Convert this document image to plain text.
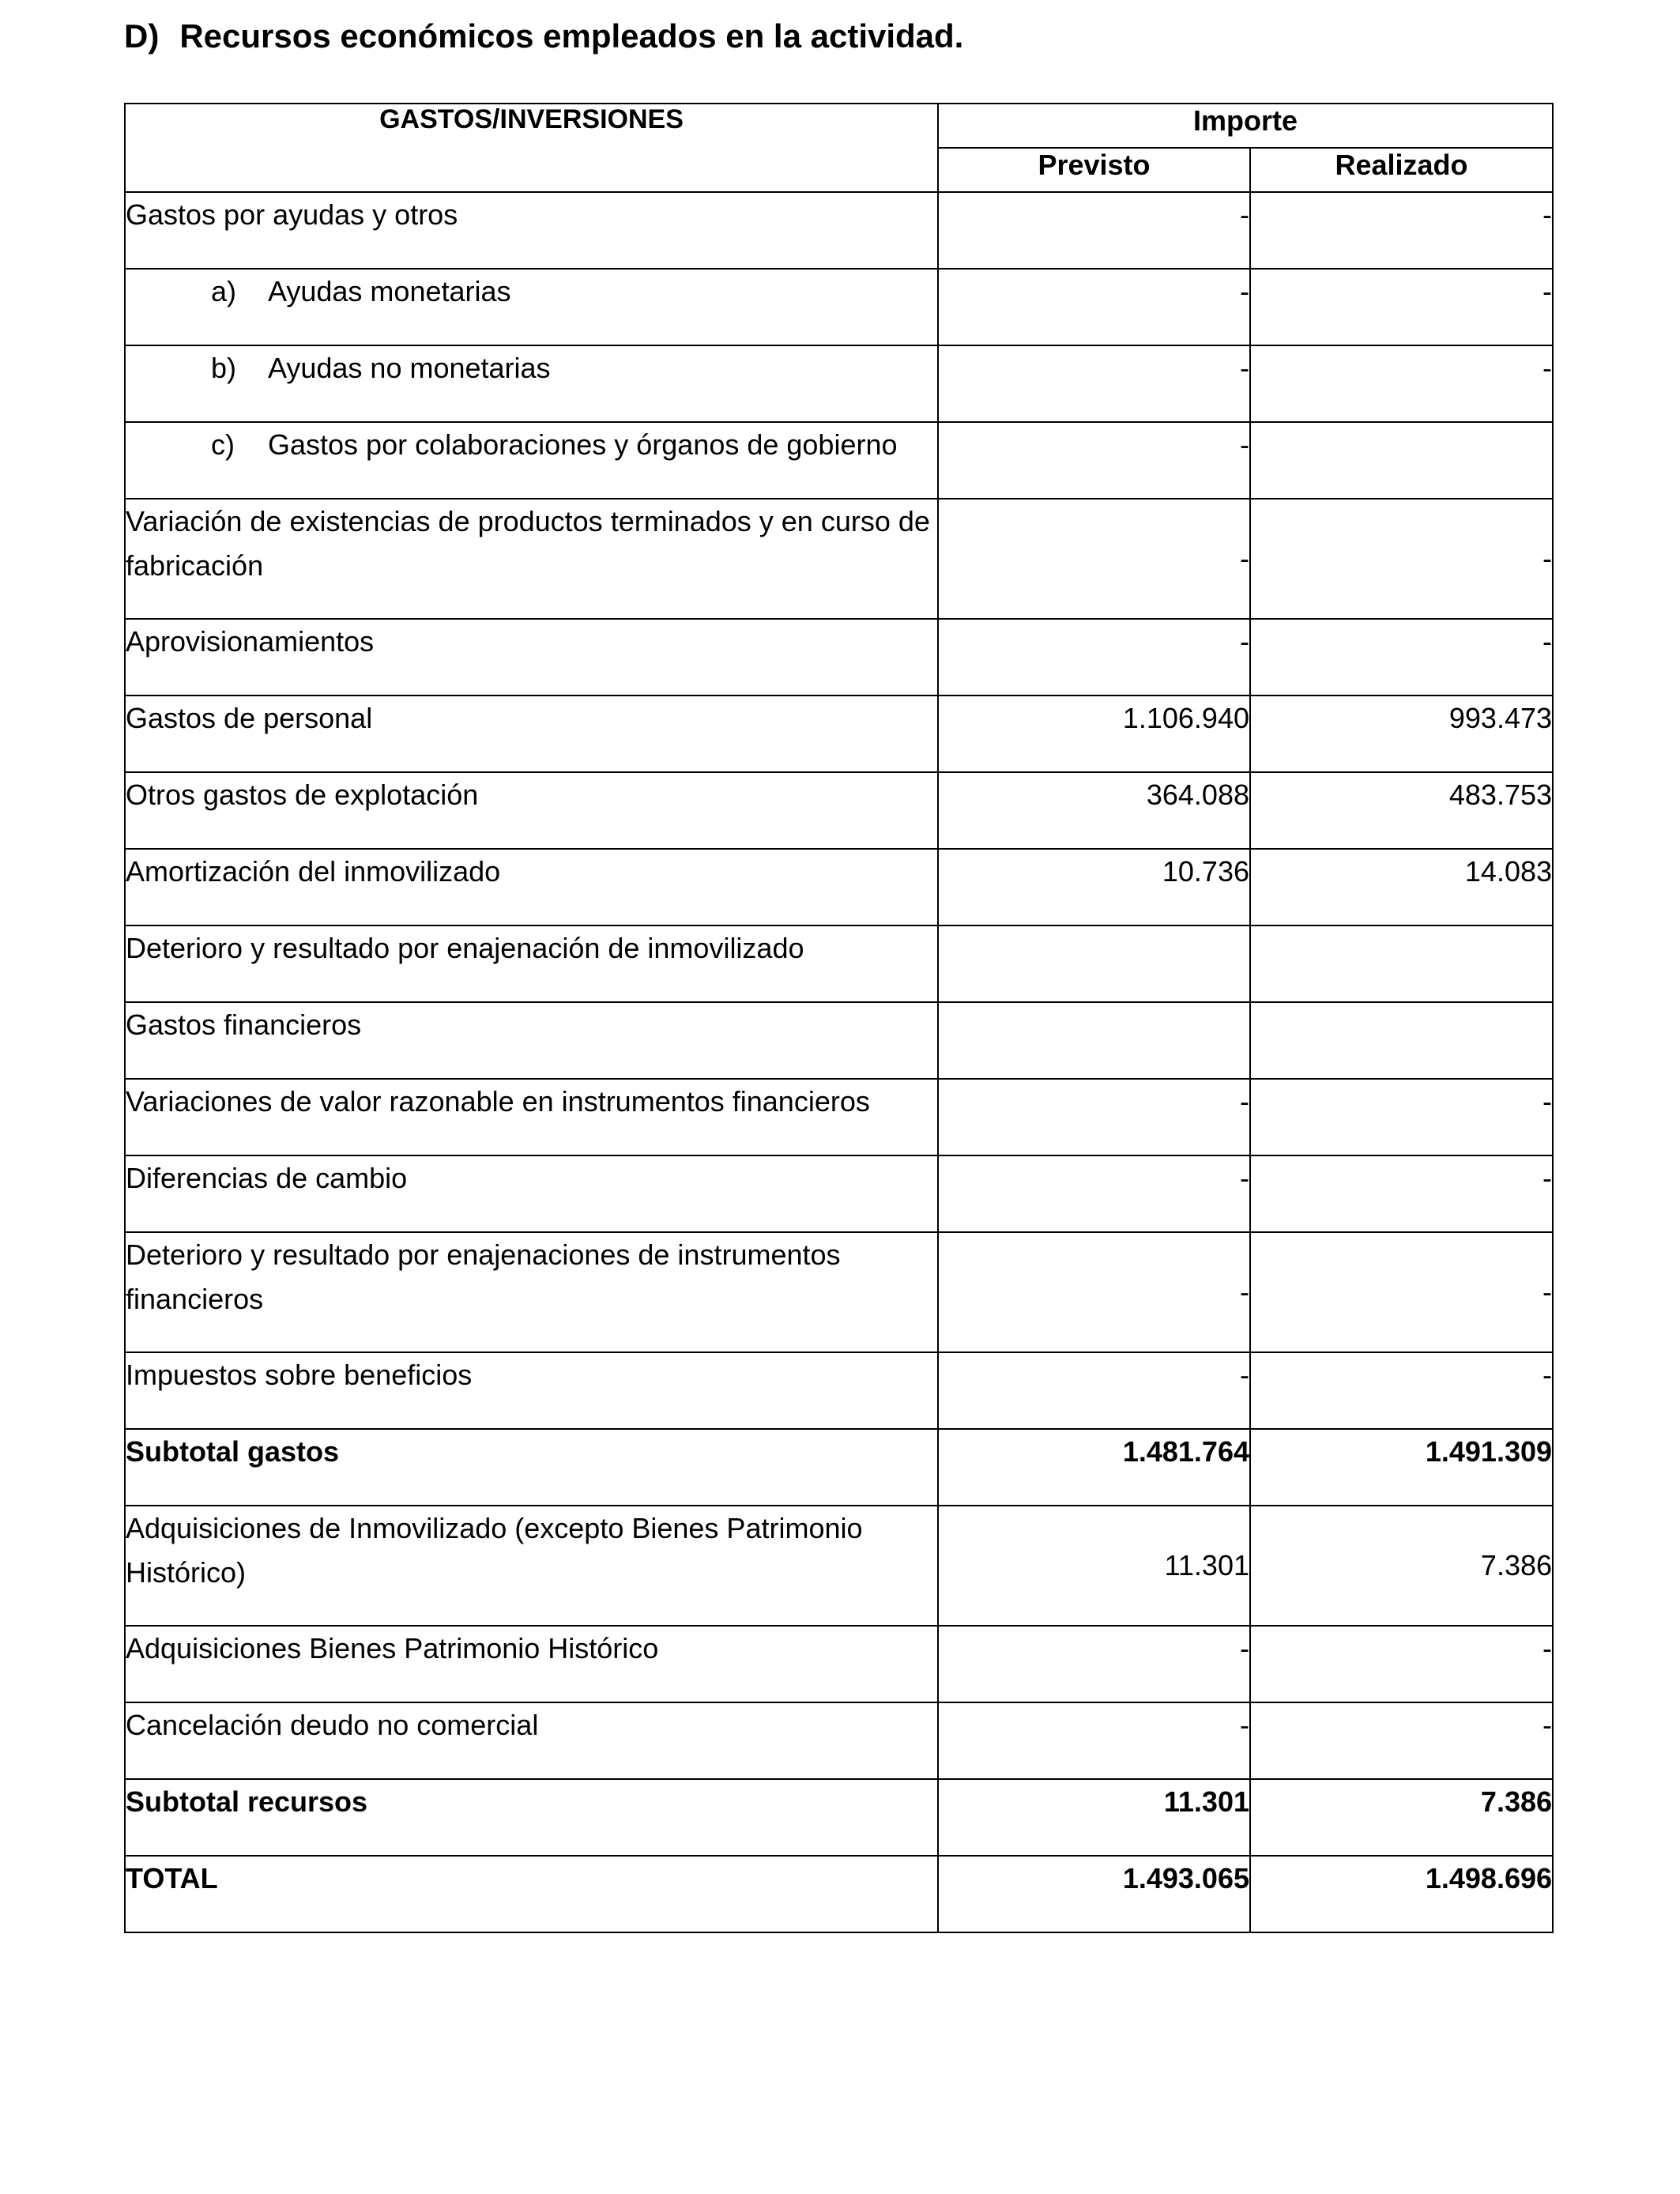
D) Recursos económicos empleados en la actividad.
GASTOS/INVERSIONES	Importe	
	Previsto	Realizado
Gastos por ayudas y otros	-	-
a) Ayudas monetarias	-	-
b) Ayudas no monetarias	-	-
c) Gastos por colaboraciones y órganos de gobierno	-	
Variación de existencias de productos terminados y en curso de fabricación	-	-
Aprovisionamientos	-	-
Gastos de personal	1.106.940	993.473
Otros gastos de explotación	364.088	483.753
Amortización del inmovilizado	10.736	14.083
Deterioro y resultado por enajenación de inmovilizado		
Gastos financieros		
Variaciones de valor razonable en instrumentos financieros	-	-
Diferencias de cambio	-	-
Deterioro y resultado por enajenaciones de instrumentos financieros	-	-
Impuestos sobre beneficios	-	-
Subtotal gastos	1.481.764	1.491.309
Adquisiciones de Inmovilizado (excepto Bienes Patrimonio Histórico)	11.301	7.386
Adquisiciones Bienes Patrimonio Histórico	-	-
Cancelación deudo no comercial	-	-
Subtotal recursos	11.301	7.386
TOTAL	1.493.065	1.498.696
